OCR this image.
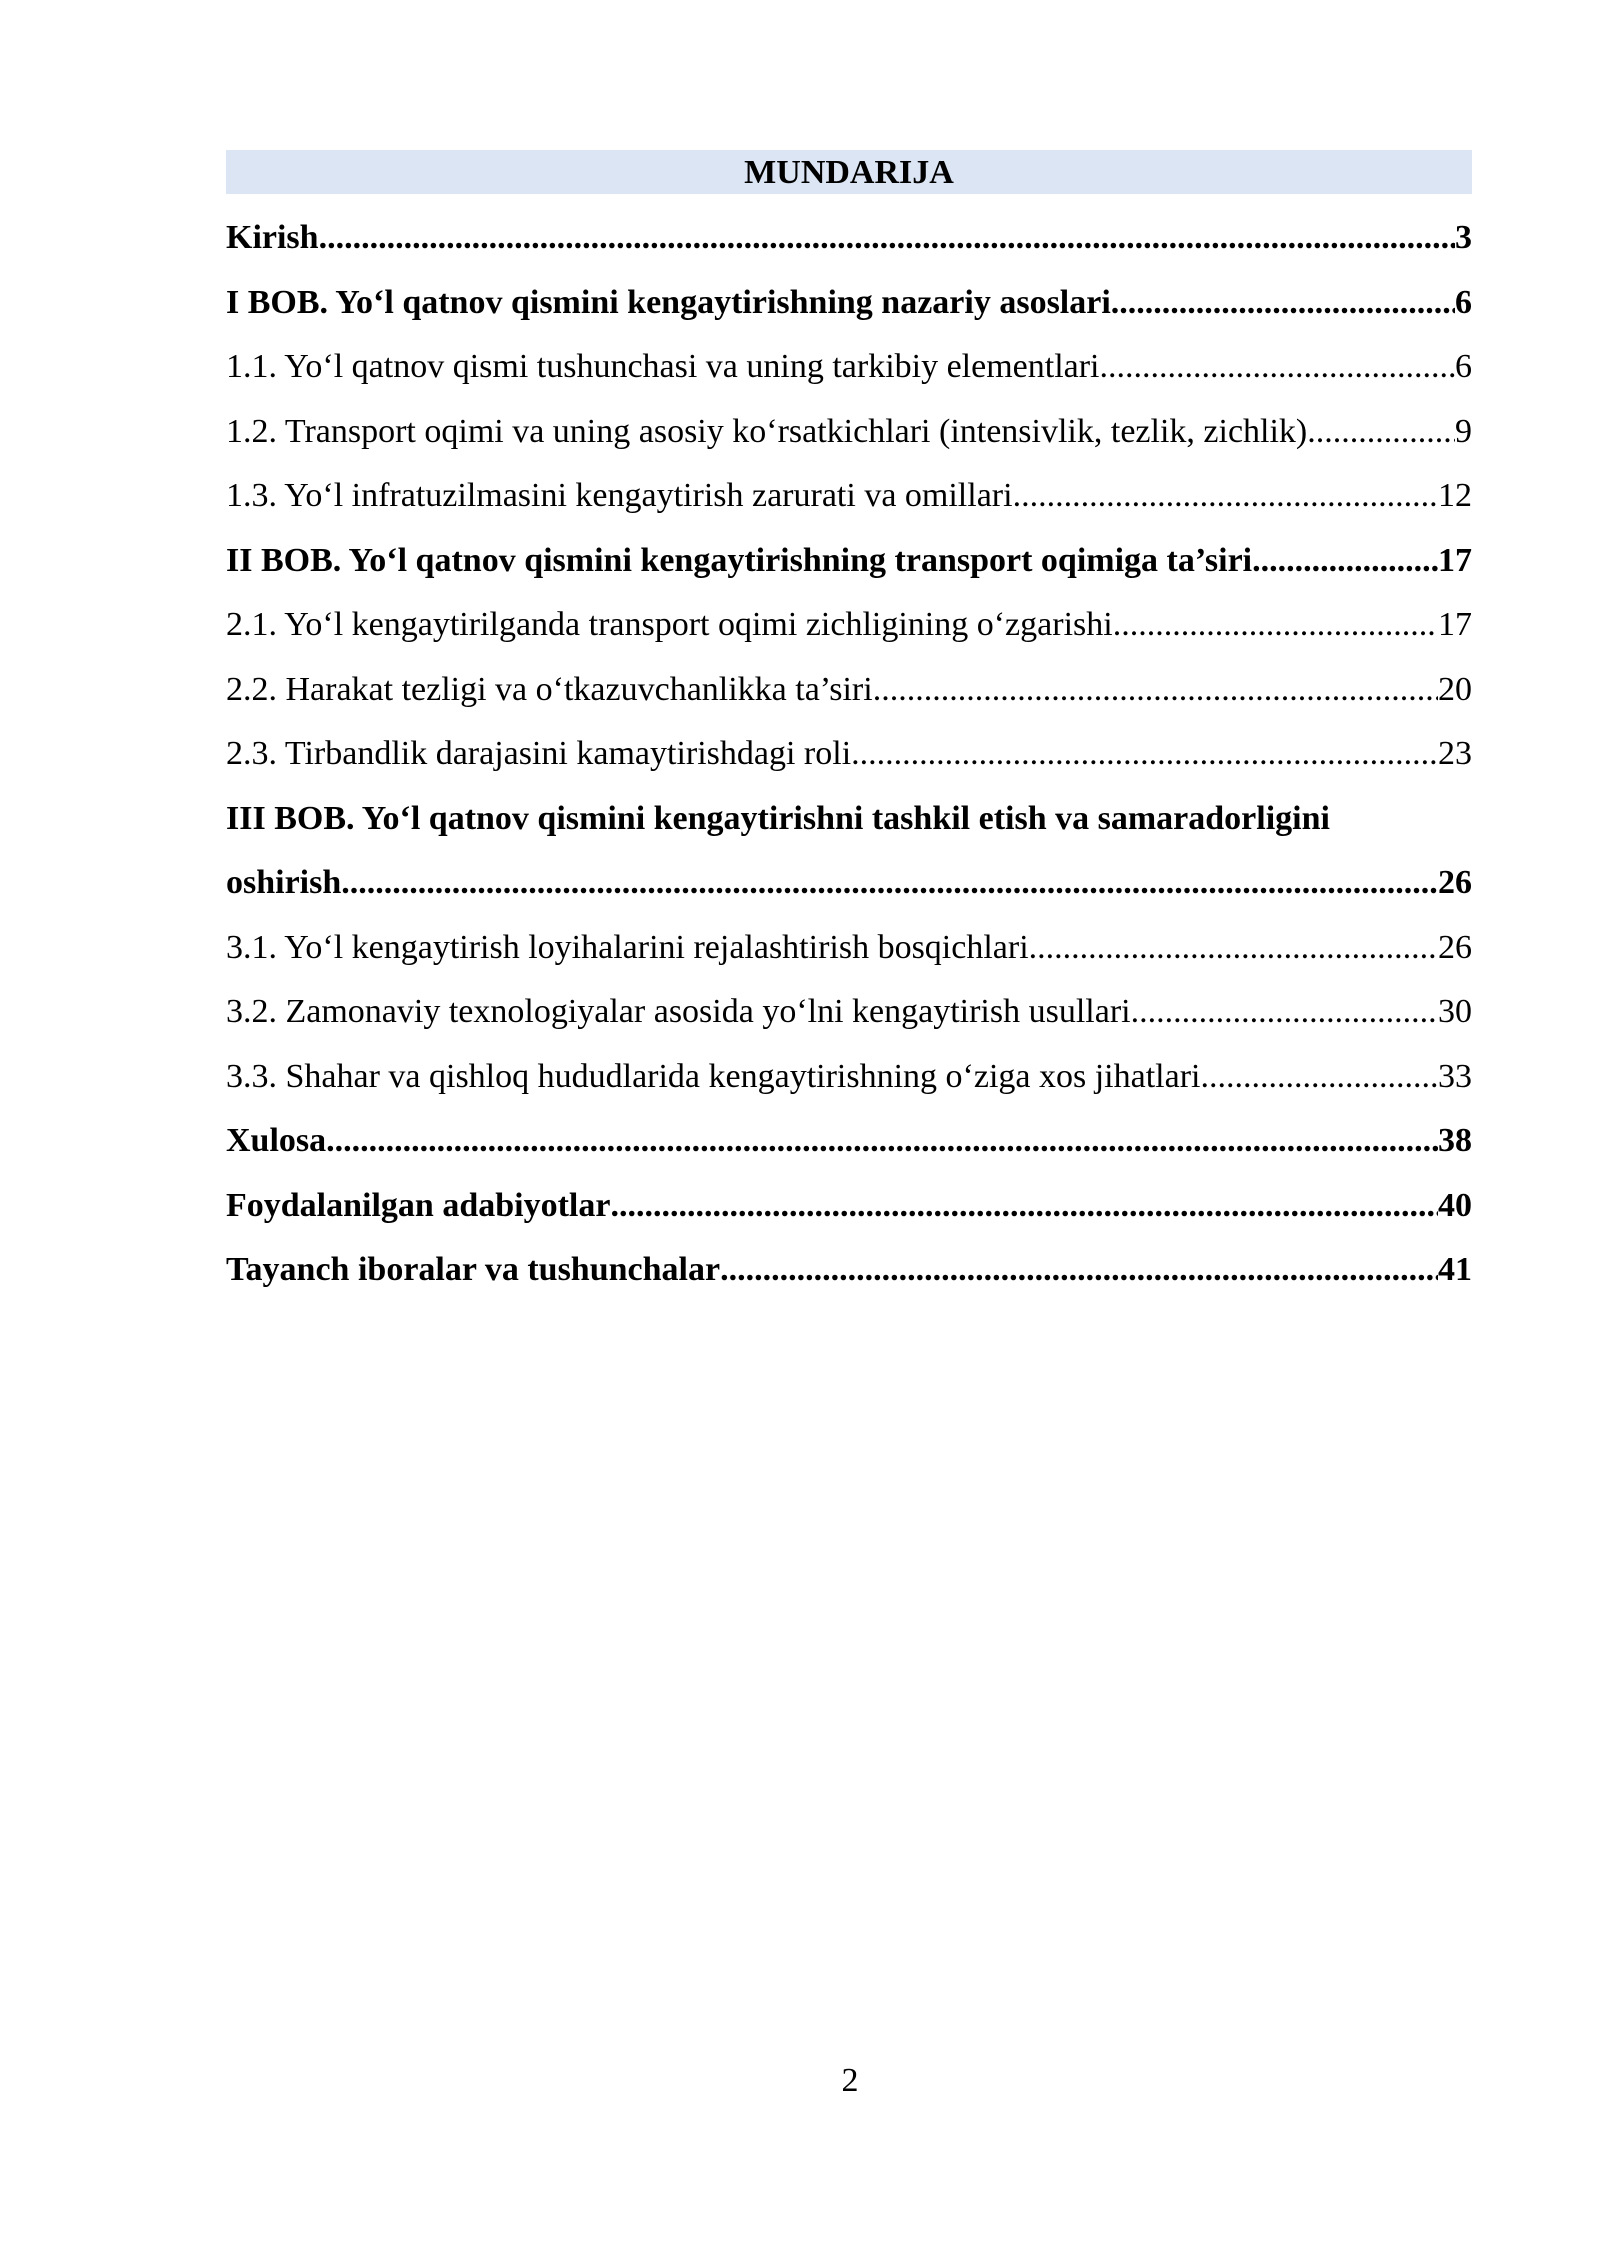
MUNDARIJA
Kirish .....	3
I BOB. Yo‘l qatnov qismini kengaytirishning nazariy asoslari .....	6
1.1. Yo‘l qatnov qismi tushunchasi va uning tarkibiy elementlari .....	6
1.2. Transport oqimi va uning asosiy ko‘rsatkichlari (intensivlik, tezlik, zichlik) .....	9
1.3. Yo‘l infratuzilmasini kengaytirish zarurati va omillari .....	12
II BOB. Yo‘l qatnov qismini kengaytirishning transport oqimiga ta’siri .....	17
2.1. Yo‘l kengaytirilganda transport oqimi zichligining o‘zgarishi .....	17
2.2. Harakat tezligi va o‘tkazuvchanlikka ta’siri .....	20
2.3. Tirbandlik darajasini kamaytirishdagi roli .....	23
III BOB. Yo‘l qatnov qismini kengaytirishni tashkil etish va samaradorligini
oshirish .....	26
3.1. Yo‘l kengaytirish loyihalarini rejalashtirish bosqichlari .....	26
3.2. Zamonaviy texnologiyalar asosida yo‘lni kengaytirish usullari .....	30
3.3. Shahar va qishloq hududlarida kengaytirishning o‘ziga xos jihatlari .....	33
Xulosa .....	38
Foydalanilgan adabiyotlar .....	40
Tayanch iboralar va tushunchalar .....	41
2
